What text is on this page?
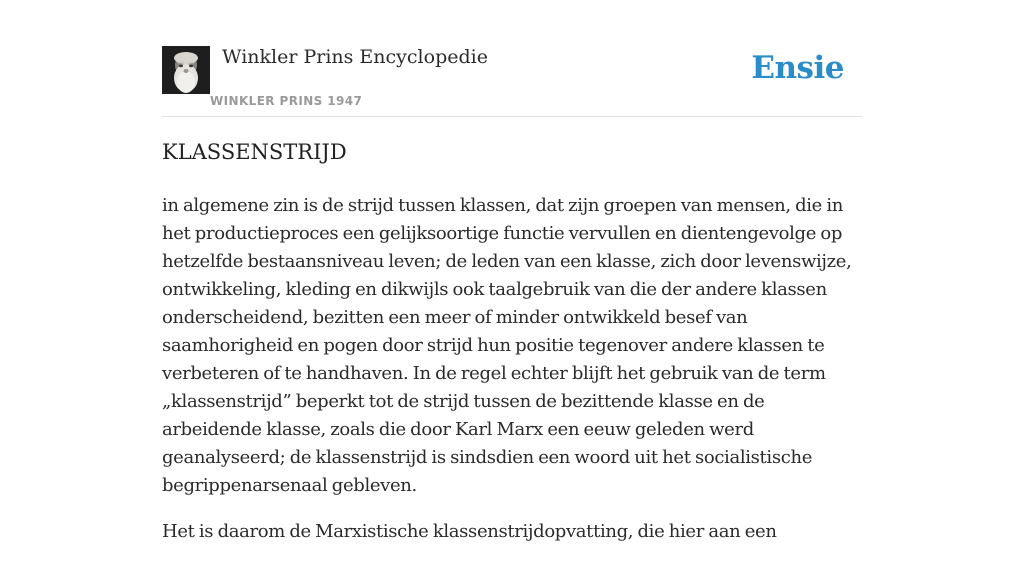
Winkler Prins Encyclopedie
WINKLER PRINS 1947
Ensie
KLASSENSTRIJD

in algemene zin is de strijd tussen klassen, dat zijn groepen van mensen, die in het productieproces een gelijksoortige functie vervullen en dientengevolge op hetzelfde bestaansniveau leven; de leden van een klasse, zich door levenswijze, ontwikkeling, kleding en dikwijls ook taalgebruik van die der andere klassen onderscheidend, bezitten een meer of minder ontwikkeld besef van saamhorigheid en pogen door strijd hun positie tegenover andere klassen te verbeteren of te handhaven. In de regel echter blijft het gebruik van de term „klassenstrijd” beperkt tot de strijd tussen de bezittende klasse en de arbeidende klasse, zoals die door Karl Marx een eeuw geleden werd geanalyseerd; de klassenstrijd is sindsdien een woord uit het socialistische begrippenarsenaal gebleven.

Het is daarom de Marxistische klassenstrijdopvatting, die hier aan een
